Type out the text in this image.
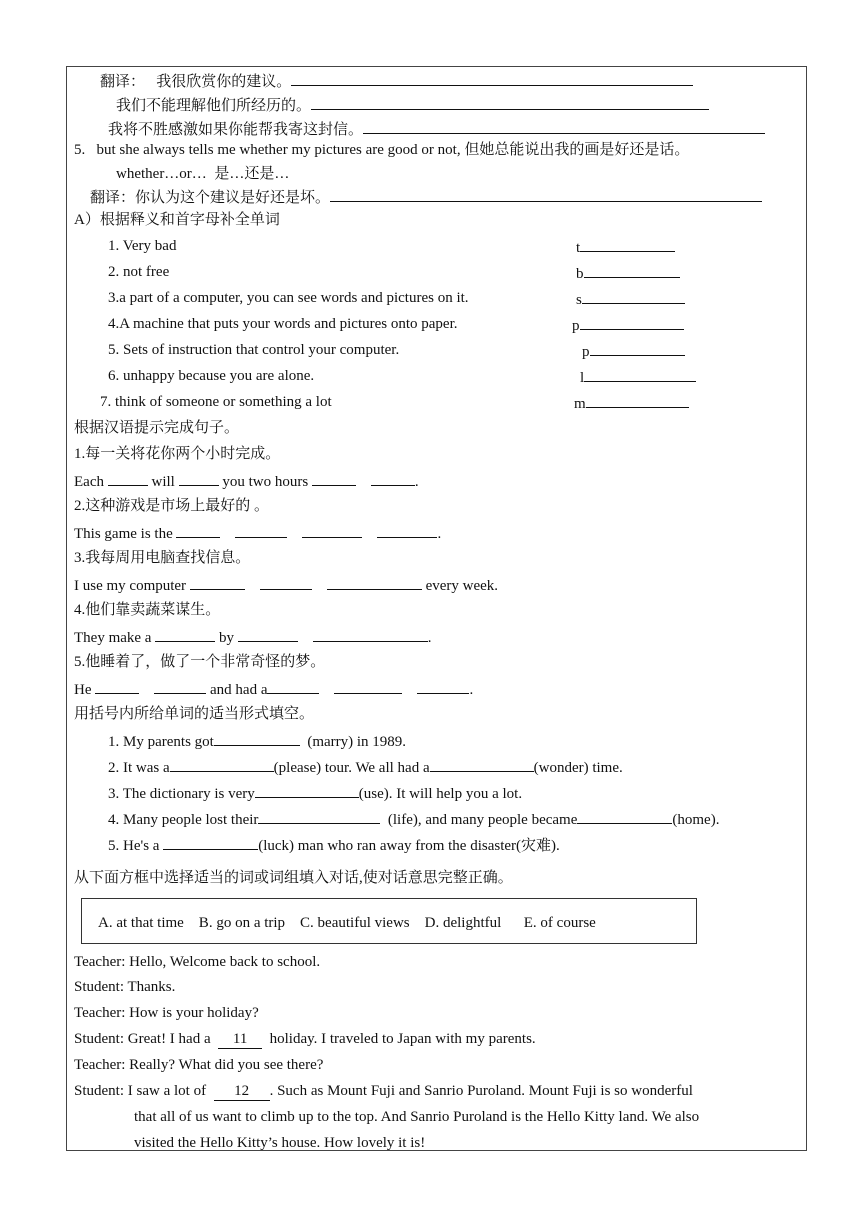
翻译： 我很欣赏你的建议。
我们不能理解他们所经历的。
我将不胜感激如果你能帮我寄这封信。
5. but she always tells me whether my pictures are good or not, 但她总能说出我的画是好还是话。
whether…or… 是…还是…
翻译：你认为这个建议是好还是坏。
A）根据释义和首字母补全单词
1. Very bad	t
2. not free	b
3.a part of a computer, you can see words and pictures on it.	s
4.A machine that puts your words and pictures onto paper.	p
5. Sets of instruction that control your computer.	p
6. unhappy because you are alone.	l
7. think of someone or something a lot	m
根据汉语提示完成句子。
1.每一关将花你两个小时完成。
Each	will	you two hours	.
2.这种游戏是市场上最好的 。
This game is the	.
3.我每周用电脑查找信息。
I use my computer	every week.
4.他们靠卖蔬菜谋生。
They make a	by	.
5.他睡着了，做了一个非常奇怪的梦。
He	and had a	.
用括号内所给单词的适当形式填空。
1. My parents got	(marry) in 1989.
2. It was a	(please) tour. We all had a	(wonder) time.
3. The dictionary is very	(use). It will help you a lot.
4. Many people lost their	(life), and many people became	(home).
5. He's a	(luck) man who ran away from the disaster(灾难).
从下面方框中选择适当的词或词组填入对话,使对话意思完整正确。
A. at that time    B. go on a trip    C. beautiful views    D. delightful      E. of course
Teacher: Hello, Welcome back to school.
Student: Thanks.
Teacher: How is your holiday?
Student: Great! I had a  11  holiday. I traveled to Japan with my parents.
Teacher: Really? What did you see there?
Student: I saw a lot of  12 . Such as Mount Fuji and Sanrio Puroland. Mount Fuji is so wonderful
that all of us want to climb up to the top. And Sanrio Puroland is the Hello Kitty land. We also
visited the Hello Kitty’s house. How lovely it is!
